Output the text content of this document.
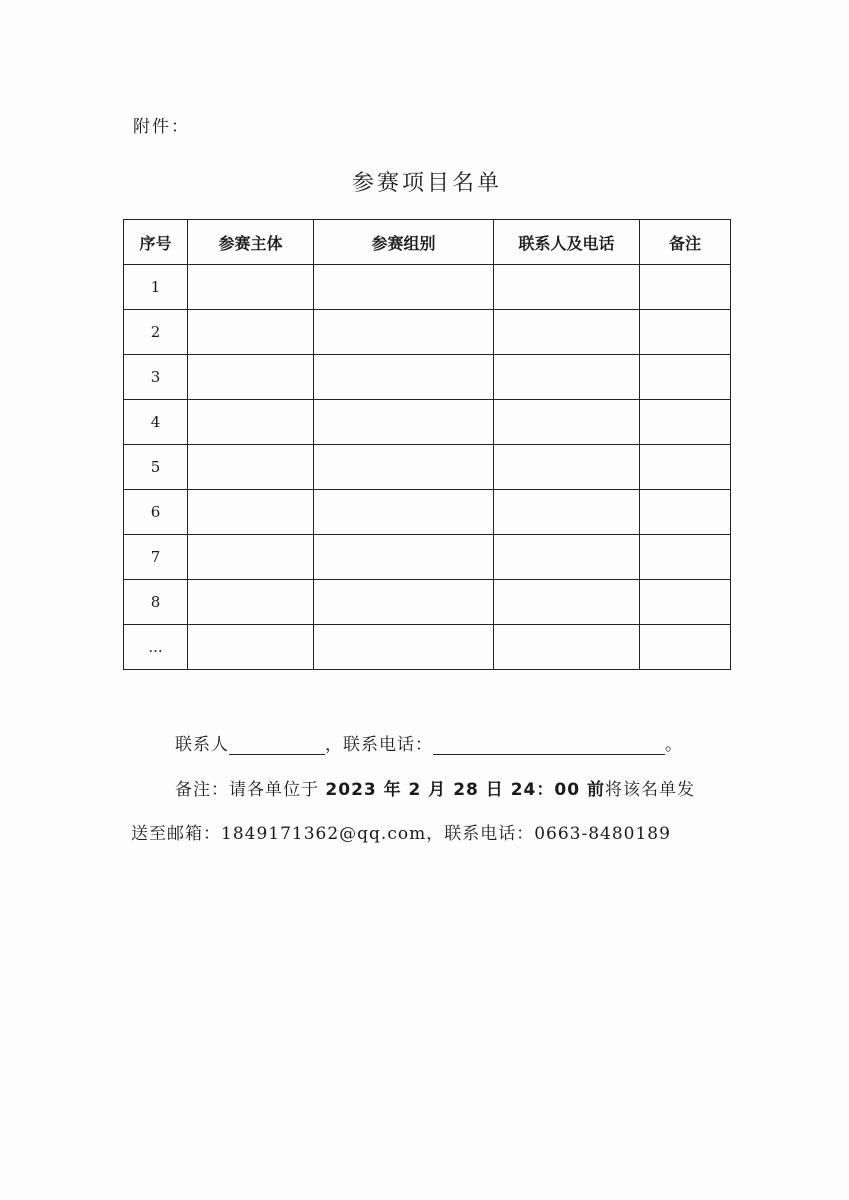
附件：
参赛项目名单
序号	参赛主体	参赛组别	联系人及电话	备注
1				
2				
3				
4				
5				
6				
7				
8				
...				
联系人	，联系电话：	。
备注：请各单位于 2023 年 2 月 28 日 24：00 前将该名单发
送至邮箱：1849171362@qq.com，联系电话：0663-8480189
